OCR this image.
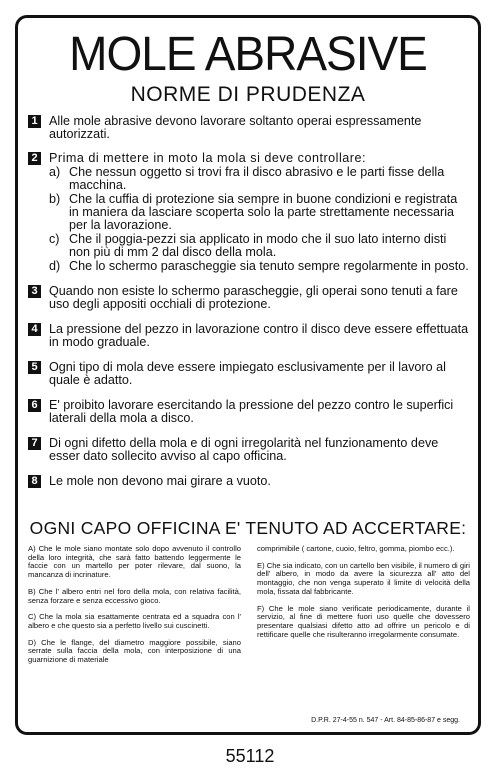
MOLE ABRASIVE
NORME DI PRUDENZA
1 Alle mole abrasive devono lavorare soltanto operai espressamente autorizzati.
2 Prima di mettere in moto la mola si deve controllare:
a) Che nessun oggetto si trovi fra il disco abrasivo e le parti fisse della macchina.
b) Che la cuffia di protezione sia sempre in buone condizioni e registrata in maniera da lasciare scoperta solo la parte strettamente necessaria per la lavorazione.
c) Che il poggia-pezzi sia applicato in modo che il suo lato interno disti non più di mm 2 dal disco della mola.
d) Che lo schermo parascheggie sia tenuto sempre regolarmente in posto.
3 Quando non esiste lo schermo parascheggie, gli operai sono tenuti a fare uso degli appositi occhiali di protezione.
4 La pressione del pezzo in lavorazione contro il disco deve essere effettuata in modo graduale.
5 Ogni tipo di mola deve essere impiegato esclusivamente per il lavoro al quale è adatto.
6 E' proibito lavorare esercitando la pressione del pezzo contro le superfici laterali della mola a disco.
7 Di ogni difetto della mola e di ogni irregolarità nel funzionamento deve esser dato sollecito avviso al capo officina.
8 Le mole non devono mai girare a vuoto.
OGNI CAPO OFFICINA E' TENUTO AD ACCERTARE:
A) Che le mole siano montate solo dopo avvenuto il controllo della loro integrità, che sarà fatto battendo leggermente le faccie con un martello per poter rilevare, dal suono, la mancanza di incrinature.
B) Che l' albero entri nel foro della mola, con relativa facilità, senza forzare e senza eccessivo gioco.
C) Che la mola sia esattamente centrata ed a squadra con l' albero e che questo sia a perfetto livello sui cuscinetti.
D) Che le flange, del diametro maggiore possibile, siano serrate sulla faccia della mola, con interposizione di una guarnizione di materiale
comprimibile ( cartone, cuoio, feltro, gomma, piombo ecc.).
E) Che sia indicato, con un cartello ben visibile, il numero di giri dell' albero, in modo da avere la sicurezza all' atto del montaggio, che non venga superato il limite di velocità della mola, fissata dal fabbricante.
F) Che le mole siano verificate periodicamente, durante il servizio, al fine di mettere fuori uso quelle che dovessero presentare qualsiasi difetto atto ad offrire un pericolo e di rettificare quelle che risulteranno irregolarmente consumate.
D.P.R. 27-4-55 n. 547 - Art. 84-85-86-87 e segg.
55112
